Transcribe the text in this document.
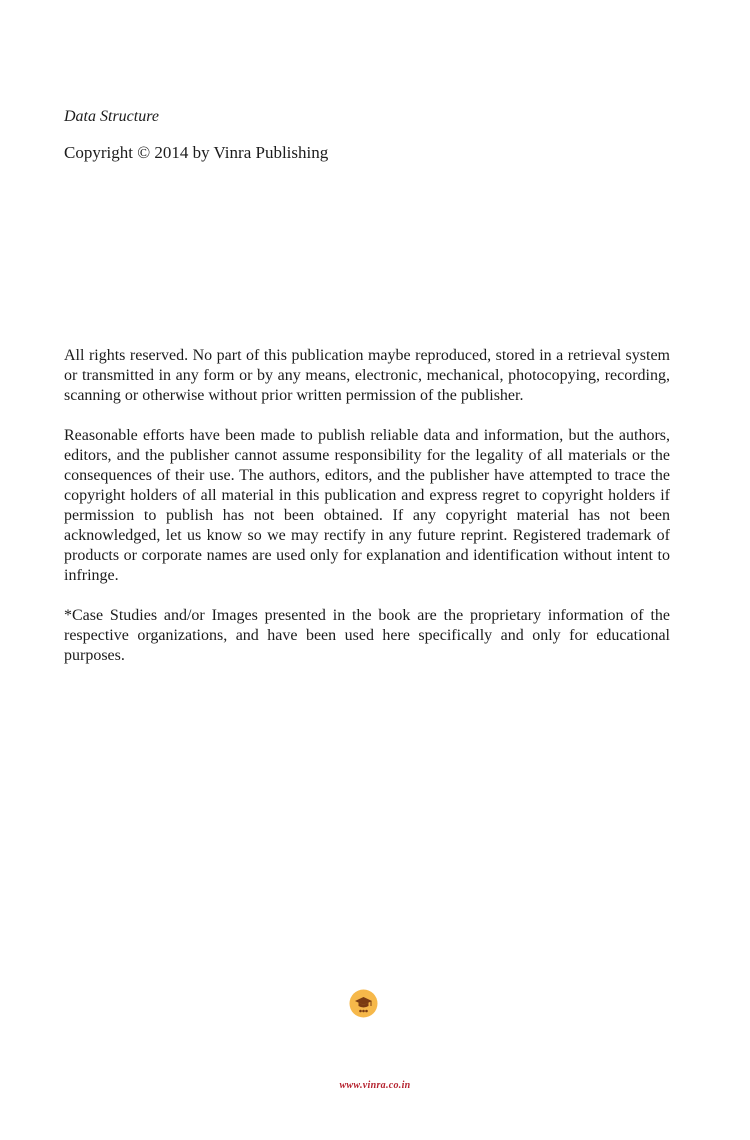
Data Structure

Copyright © 2014 by Vinra Publishing

All rights reserved. No part of this publication maybe reproduced, stored in a retrieval system or transmitted in any form or by any means, electronic, mechanical, photocopying, recording, scanning or otherwise without prior written permission of the publisher.

Reasonable efforts have been made to publish reliable data and information, but the authors, editors, and the publisher cannot assume responsibility for the legality of all materials or the consequences of their use. The authors, editors, and the publisher have attempted to trace the copyright holders of all material in this publication and express regret to copyright holders if permission to publish has not been obtained. If any copyright material has not been acknowledged, let us know so we may rectify in any future reprint. Registered trademark of products or corporate names are used only for explanation and identification without intent to infringe.

*Case Studies and/or Images presented in the book are the proprietary information of the respective organizations, and have been used here specifically and only for educational purposes.

www.vinra.co.in
